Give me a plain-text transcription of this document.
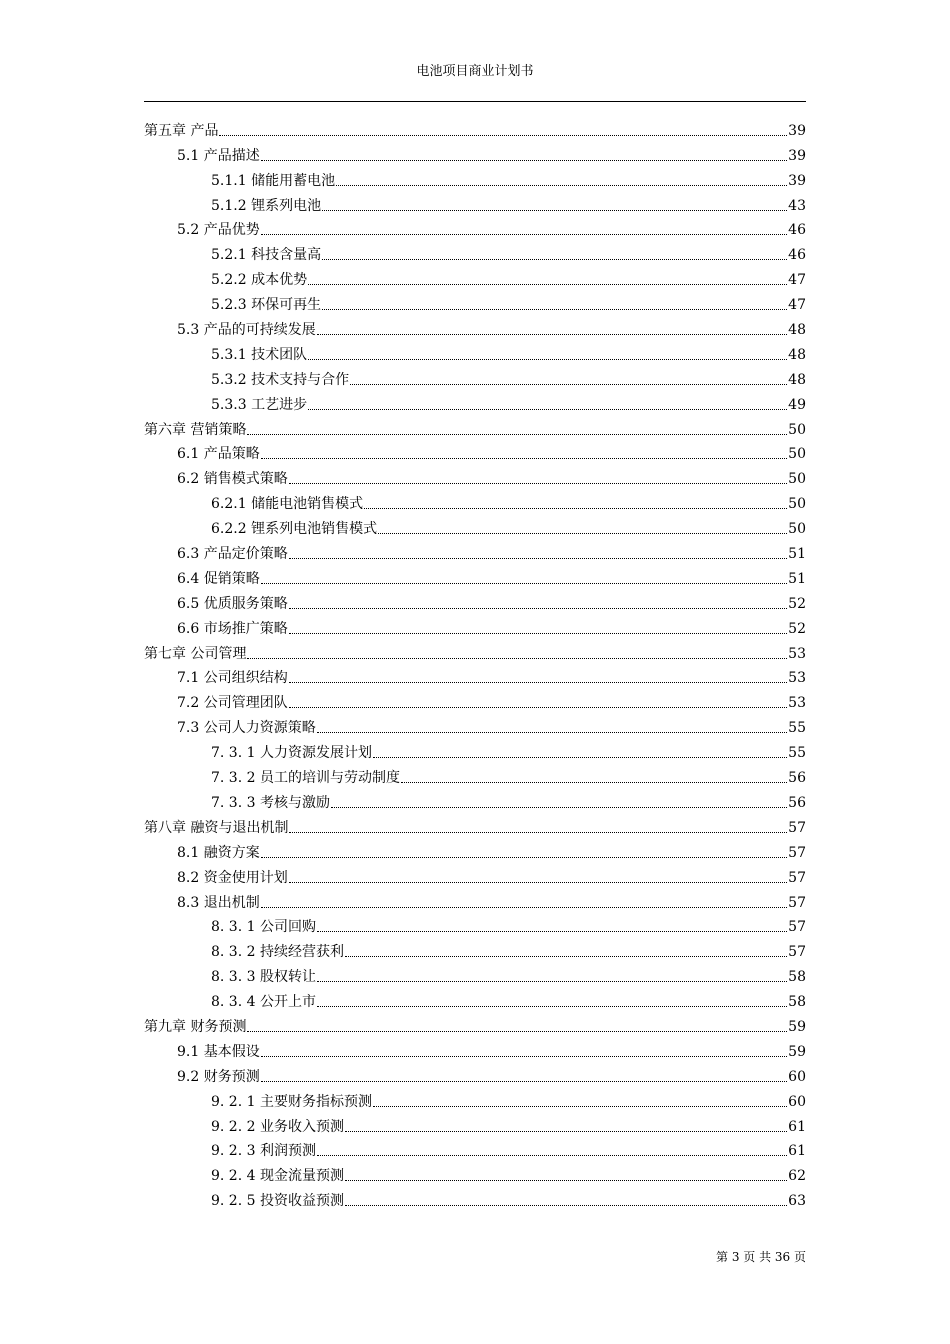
电池项目商业计划书
第五章 产品	39
5.1 产品描述	39
5.1.1 储能用蓄电池	39
5.1.2 锂系列电池	43
5.2 产品优势	46
5.2.1 科技含量高	46
5.2.2 成本优势	47
5.2.3 环保可再生	47
5.3 产品的可持续发展	48
5.3.1 技术团队	48
5.3.2 技术支持与合作	48
5.3.3 工艺进步	49
第六章 营销策略	50
6.1 产品策略	50
6.2 销售模式策略	50
6.2.1 储能电池销售模式	50
6.2.2 锂系列电池销售模式	50
6.3 产品定价策略	51
6.4 促销策略	51
6.5 优质服务策略	52
6.6 市场推广策略	52
第七章 公司管理	53
7.1 公司组织结构	53
7.2 公司管理团队	53
7.3 公司人力资源策略	55
7. 3. 1 人力资源发展计划	55
7. 3. 2 员工的培训与劳动制度	56
7. 3. 3 考核与激励	56
第八章 融资与退出机制	57
8.1 融资方案	57
8.2 资金使用计划	57
8.3 退出机制	57
8. 3. 1 公司回购	57
8. 3. 2 持续经营获利	57
8. 3. 3 股权转让	58
8. 3. 4 公开上市	58
第九章 财务预测	59
9.1 基本假设	59
9.2 财务预测	60
9. 2. 1 主要财务指标预测	60
9. 2. 2 业务收入预测	61
9. 2. 3 利润预测	61
9. 2. 4 现金流量预测	62
9. 2. 5 投资收益预测	63
第 3 页 共 36 页
